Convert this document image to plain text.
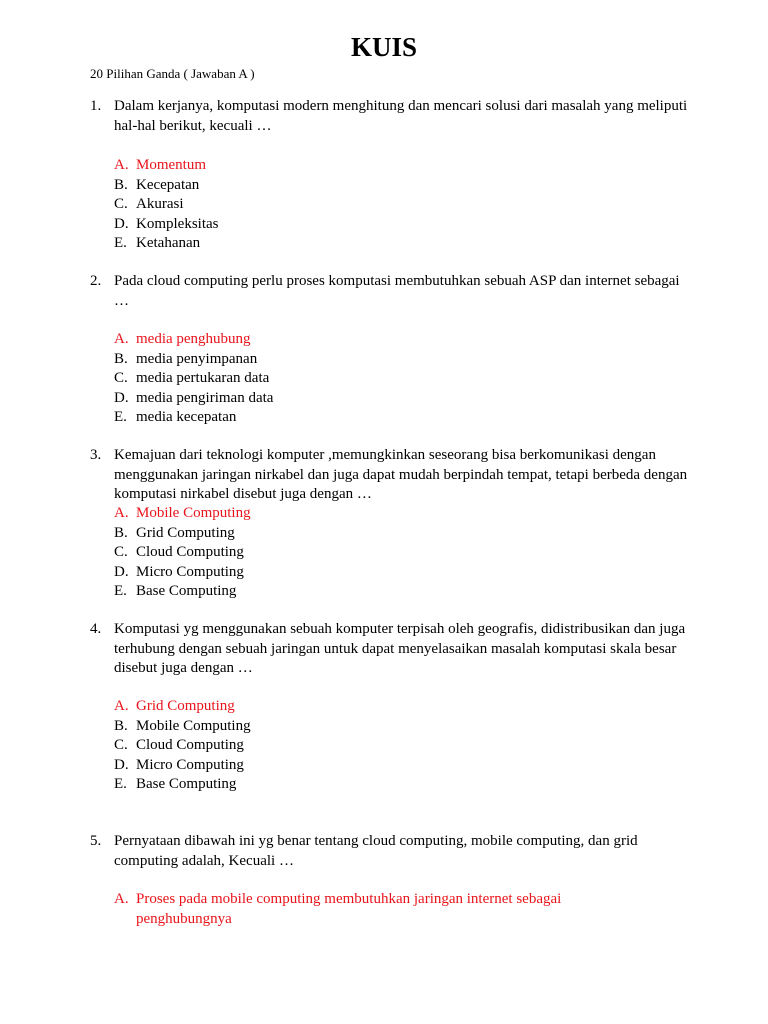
KUIS
20 Pilihan Ganda ( Jawaban A )
1. Dalam kerjanya, komputasi modern menghitung dan mencari solusi dari masalah yang meliputi hal-hal berikut, kecuali …
A. Momentum
B. Kecepatan
C. Akurasi
D. Kompleksitas
E. Ketahanan
2. Pada cloud computing perlu proses komputasi membutuhkan sebuah ASP dan internet sebagai …
A. media penghubung
B. media penyimpanan
C. media pertukaran data
D. media pengiriman data
E. media kecepatan
3. Kemajuan dari teknologi komputer ,memungkinkan seseorang bisa berkomunikasi dengan menggunakan jaringan nirkabel dan juga dapat mudah berpindah tempat, tetapi berbeda dengan komputasi nirkabel disebut juga dengan …
A. Mobile Computing
B. Grid Computing
C. Cloud Computing
D. Micro Computing
E. Base Computing
4. Komputasi yg menggunakan sebuah komputer terpisah oleh geografis, didistribusikan dan juga terhubung dengan sebuah jaringan untuk dapat menyelasaikan masalah komputasi skala besar disebut juga dengan …
A. Grid Computing
B. Mobile Computing
C. Cloud Computing
D. Micro Computing
E. Base Computing
5. Pernyataan dibawah ini yg benar tentang cloud computing, mobile computing, dan grid computing adalah, Kecuali …
A. Proses pada mobile computing membutuhkan jaringan internet sebagai penghubungnya
